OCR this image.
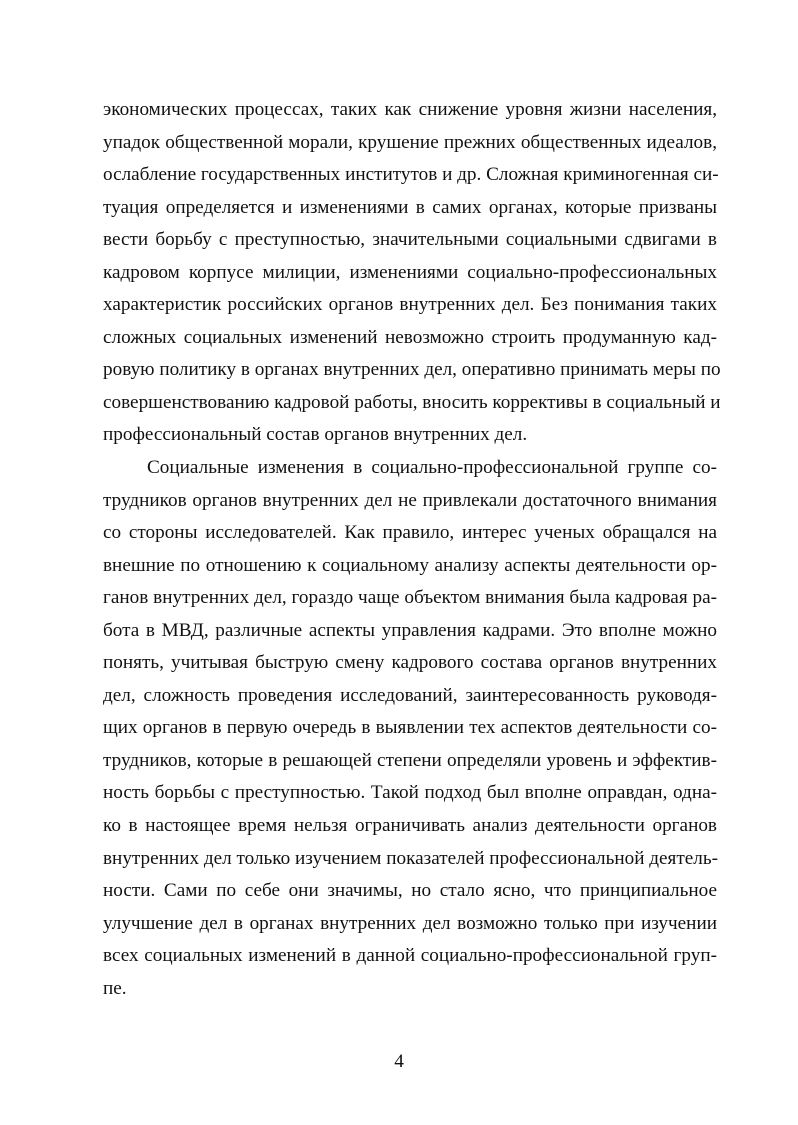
экономических процессах, таких как снижение уровня жизни населения,
упадок общественной морали, крушение прежних общественных идеалов,
ослабление государственных институтов и др. Сложная криминогенная си-
туация определяется и изменениями в самих органах, которые призваны
вести борьбу с преступностью, значительными социальными сдвигами в
кадровом корпусе милиции, изменениями социально-профессиональных
характеристик российских органов внутренних дел. Без понимания таких
сложных социальных изменений невозможно строить продуманную кад-
ровую политику в органах внутренних дел, оперативно принимать меры по
совершенствованию кадровой работы, вносить коррективы в социальный и
профессиональный состав органов внутренних дел.
Социальные изменения в социально-профессиональной группе со-
трудников органов внутренних дел не привлекали достаточного внимания
со стороны исследователей. Как правило, интерес ученых обращался на
внешние по отношению к социальному анализу аспекты деятельности ор-
ганов внутренних дел, гораздо чаще объектом внимания была кадровая ра-
бота в МВД, различные аспекты управления кадрами. Это вполне можно
понять, учитывая быструю смену кадрового состава органов внутренних
дел, сложность проведения исследований, заинтересованность руководя-
щих органов в первую очередь в выявлении тех аспектов деятельности со-
трудников, которые в решающей степени определяли уровень и эффектив-
ность борьбы с преступностью. Такой подход был вполне оправдан, одна-
ко в настоящее время нельзя ограничивать анализ деятельности органов
внутренних дел только изучением показателей профессиональной деятель-
ности. Сами по себе они значимы, но стало ясно, что принципиальное
улучшение дел в органах внутренних дел возможно только при изучении
всех социальных изменений в данной социально-профессиональной груп-
пе.
4
